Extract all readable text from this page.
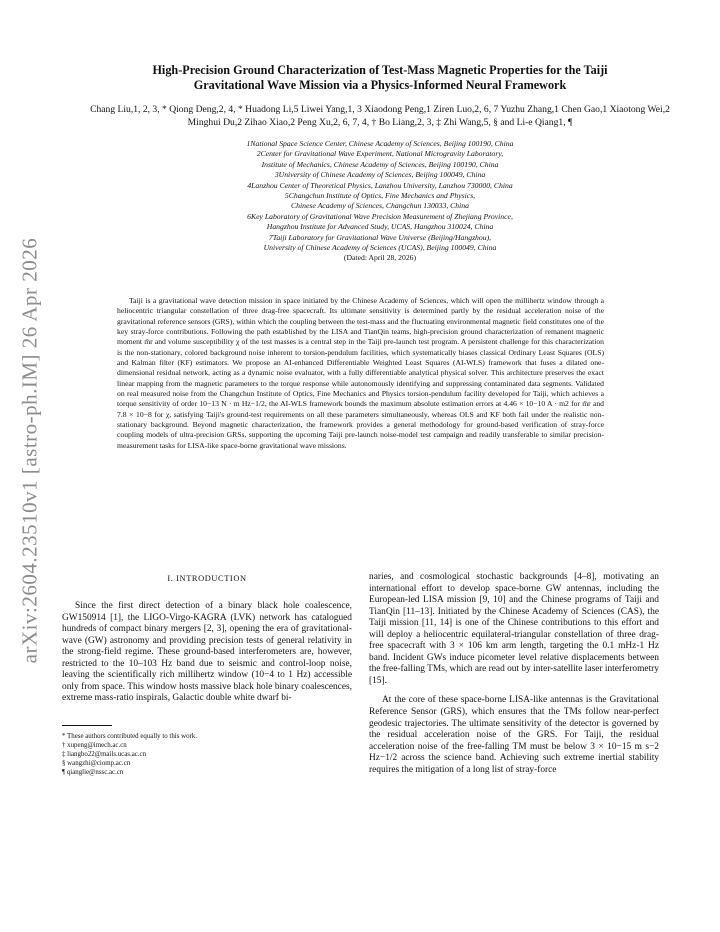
arXiv:2604.23510v1 [astro-ph.IM] 26 Apr 2026
High-Precision Ground Characterization of Test-Mass Magnetic Properties for the Taiji
Gravitational Wave Mission via a Physics-Informed Neural Framework

Chang Liu,1, 2, 3, * Qiong Deng,2, 4, * Huadong Li,5 Liwei Yang,1, 3 Xiaodong Peng,1 Ziren Luo,2, 6, 7 Yuzhu Zhang,1 Chen Gao,1 Xiaotong Wei,2 Minghui Du,2 Zihao Xiao,2 Peng Xu,2, 6, 7, 4, † Bo Liang,2, 3, ‡ Zhi Wang,5, § and Li-e Qiang1, ¶

1National Space Science Center, Chinese Academy of Sciences, Beijing 100190, China
2Center for Gravitational Wave Experiment, National Microgravity Laboratory,
Institute of Mechanics, Chinese Academy of Sciences, Beijing 100190, China
3University of Chinese Academy of Sciences, Beijing 100049, China
4Lanzhou Center of Theoretical Physics, Lanzhou University, Lanzhou 730000, China
5Changchun Institute of Optics, Fine Mechanics and Physics,
Chinese Academy of Sciences, Changchun 130033, China
6Key Laboratory of Gravitational Wave Precision Measurement of Zhejiang Province,
Hangzhou Institute for Advanced Study, UCAS, Hangzhou 310024, China
7Taiji Laboratory for Gravitational Wave Universe (Beijing/Hangzhou),
University of Chinese Academy of Sciences (UCAS), Beijing 100049, China
(Dated: April 28, 2026)

Taiji is a gravitational wave detection mission in space initiated by the Chinese Academy of Sciences, which will open the millihertz window through a heliocentric triangular constellation of three drag-free spacecraft. Its ultimate sensitivity is determined partly by the residual acceleration noise of the gravitational reference sensors (GRS), within which the coupling between the test-mass and the fluctuating environmental magnetic field constitutes one of the key stray-force contributions. Following the path established by the LISA and TianQin teams, high-precision ground characterization of remanent magnetic moment m̄r and volume susceptibility χ of the test masses is a central step in the Taiji pre-launch test program. A persistent challenge for this characterization is the non-stationary, colored background noise inherent to torsion-pendulum facilities, which systematically biases classical Ordinary Least Squares (OLS) and Kalman filter (KF) estimators. We propose an AI-enhanced Differentiable Weighted Least Squares (AI-WLS) framework that fuses a dilated one-dimensional residual network, acting as a dynamic noise evaluator, with a fully differentiable analytical physical solver. This architecture preserves the exact linear mapping from the magnetic parameters to the torque response while autonomously identifying and suppressing contaminated data segments. Validated on real measured noise from the Changchun Institute of Optics, Fine Mechanics and Physics torsion-pendulum facility developed for Taiji, which achieves a torque sensitivity of order 10−13 N · m Hz−1/2, the AI-WLS framework bounds the maximum absolute estimation errors at 4.46 × 10−10 A · m2 for m̄r and 7.8 × 10−8 for χ, satisfying Taiji's ground-test requirements on all these parameters simultaneously, whereas OLS and KF both fail under the realistic non-stationary background. Beyond magnetic characterization, the framework provides a general methodology for ground-based verification of stray-force coupling models of ultra-precision GRSs, supporting the upcoming Taiji pre-launch noise-model test campaign and readily transferable to similar precision-measurement tasks for LISA-like space-borne gravitational wave missions.

I. INTRODUCTION

Since the first direct detection of a binary black hole coalescence, GW150914 [1], the LIGO-Virgo-KAGRA (LVK) network has catalogued hundreds of compact binary mergers [2, 3], opening the era of gravitational-wave (GW) astronomy and providing precision tests of general relativity in the strong-field regime. These ground-based interferometers are, however, restricted to the 10–103 Hz band due to seismic and control-loop noise, leaving the scientifically rich millihertz window (10−4 to 1 Hz) accessible only from space. This window hosts massive black hole binary coalescences, extreme mass-ratio inspirals, Galactic double white dwarf bi-

* These authors contributed equally to this work.
† xupeng@imech.ac.cn
‡ liangbo22@mails.ucas.ac.cn
§ wangzhi@ciomp.ac.cn
¶ qianglie@nssc.ac.cn

naries, and cosmological stochastic backgrounds [4–8], motivating an international effort to develop space-borne GW antennas, including the European-led LISA mission [9, 10] and the Chinese programs of Taiji and TianQin [11–13]. Initiated by the Chinese Academy of Sciences (CAS), the Taiji mission [11, 14] is one of the Chinese contributions to this effort and will deploy a heliocentric equilateral-triangular constellation of three drag-free spacecraft with 3 × 106 km arm length, targeting the 0.1 mHz-1 Hz band. Incident GWs induce picometer level relative displacements between the free-falling TMs, which are read out by inter-satellite laser interferometry [15].

At the core of these space-borne LISA-like antennas is the Gravitational Reference Sensor (GRS), which ensures that the TMs follow near-perfect geodesic trajectories. The ultimate sensitivity of the detector is governed by the residual acceleration noise of the GRS. For Taiji, the residual acceleration noise of the free-falling TM must be below 3 × 10−15 m s−2 Hz−1/2 across the science band. Achieving such extreme inertial stability requires the mitigation of a long list of stray-force
